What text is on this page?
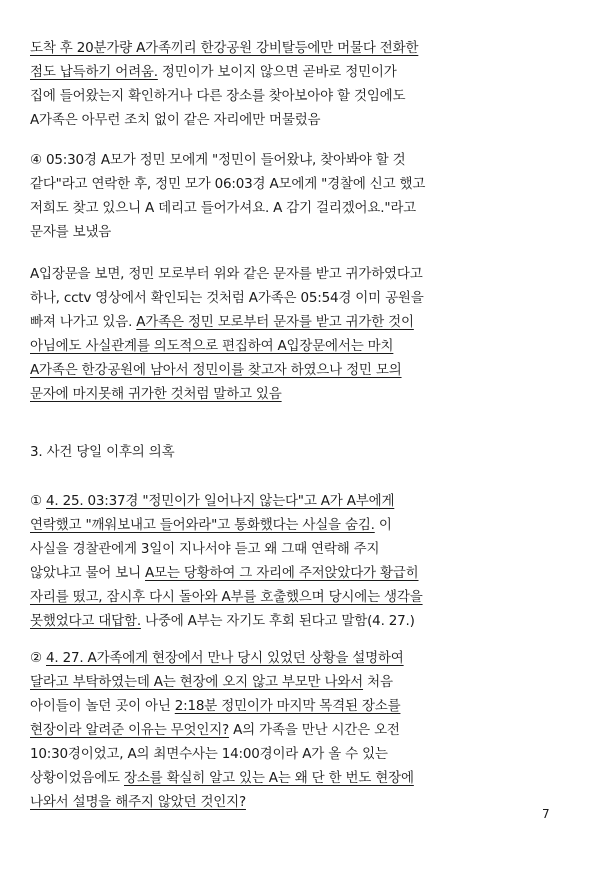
도착 후 20분가량 A가족끼리 한강공원 강비탈등에만 머물다 전화한
점도 납득하기 어려움. 정민이가 보이지 않으면 곧바로 정민이가
집에 들어왔는지 확인하거나 다른 장소를 찾아보아야 할 것임에도
A가족은 아무런 조치 없이 같은 자리에만 머물렀음
④ 05:30경 A모가 정민 모에게 "정민이 들어왔냐, 찾아봐야 할 것
같다"라고 연락한 후, 정민 모가 06:03경 A모에게 "경찰에 신고 했고
저희도 찾고 있으니 A 데리고 들어가셔요. A 감기 걸리겠어요."라고
문자를 보냈음
A입장문을 보면, 정민 모로부터 위와 같은 문자를 받고 귀가하였다고
하나, cctv 영상에서 확인되는 것처럼 A가족은 05:54경 이미 공원을
빠져 나가고 있음. A가족은 정민 모로부터 문자를 받고 귀가한 것이
아님에도 사실관계를 의도적으로 편집하여 A입장문에서는 마치
A가족은 한강공원에 남아서 정민이를 찾고자 하였으나 정민 모의
문자에 마지못해 귀가한 것처럼 말하고 있음
3. 사건 당일 이후의 의혹
① 4. 25. 03:37경 "정민이가 일어나지 않는다"고 A가 A부에게
연락했고 "깨워보내고 들어와라"고 통화했다는 사실을 숨김. 이
사실을 경찰관에게 3일이 지나서야 듣고 왜 그때 연락해 주지
않았냐고 물어 보니 A모는 당황하여 그 자리에 주저앉았다가 황급히
자리를 떴고, 잠시후 다시 돌아와 A부를 호출했으며 당시에는 생각을
못했었다고 대답함. 나중에 A부는 자기도 후회 된다고 말함(4. 27.)
② 4. 27. A가족에게 현장에서 만나 당시 있었던 상황을 설명하여
달라고 부탁하였는데 A는 현장에 오지 않고 부모만 나와서 처음
아이들이 놀던 곳이 아닌 2:18분 정민이가 마지막 목격된 장소를
현장이라 알려준 이유는 무엇인지? A의 가족을 만난 시간은 오전
10:30경이었고, A의 최면수사는 14:00경이라 A가 올 수 있는
상황이었음에도 장소를 확실히 알고 있는 A는 왜 단 한 번도 현장에
나와서 설명을 해주지 않았던 것인지?
7
